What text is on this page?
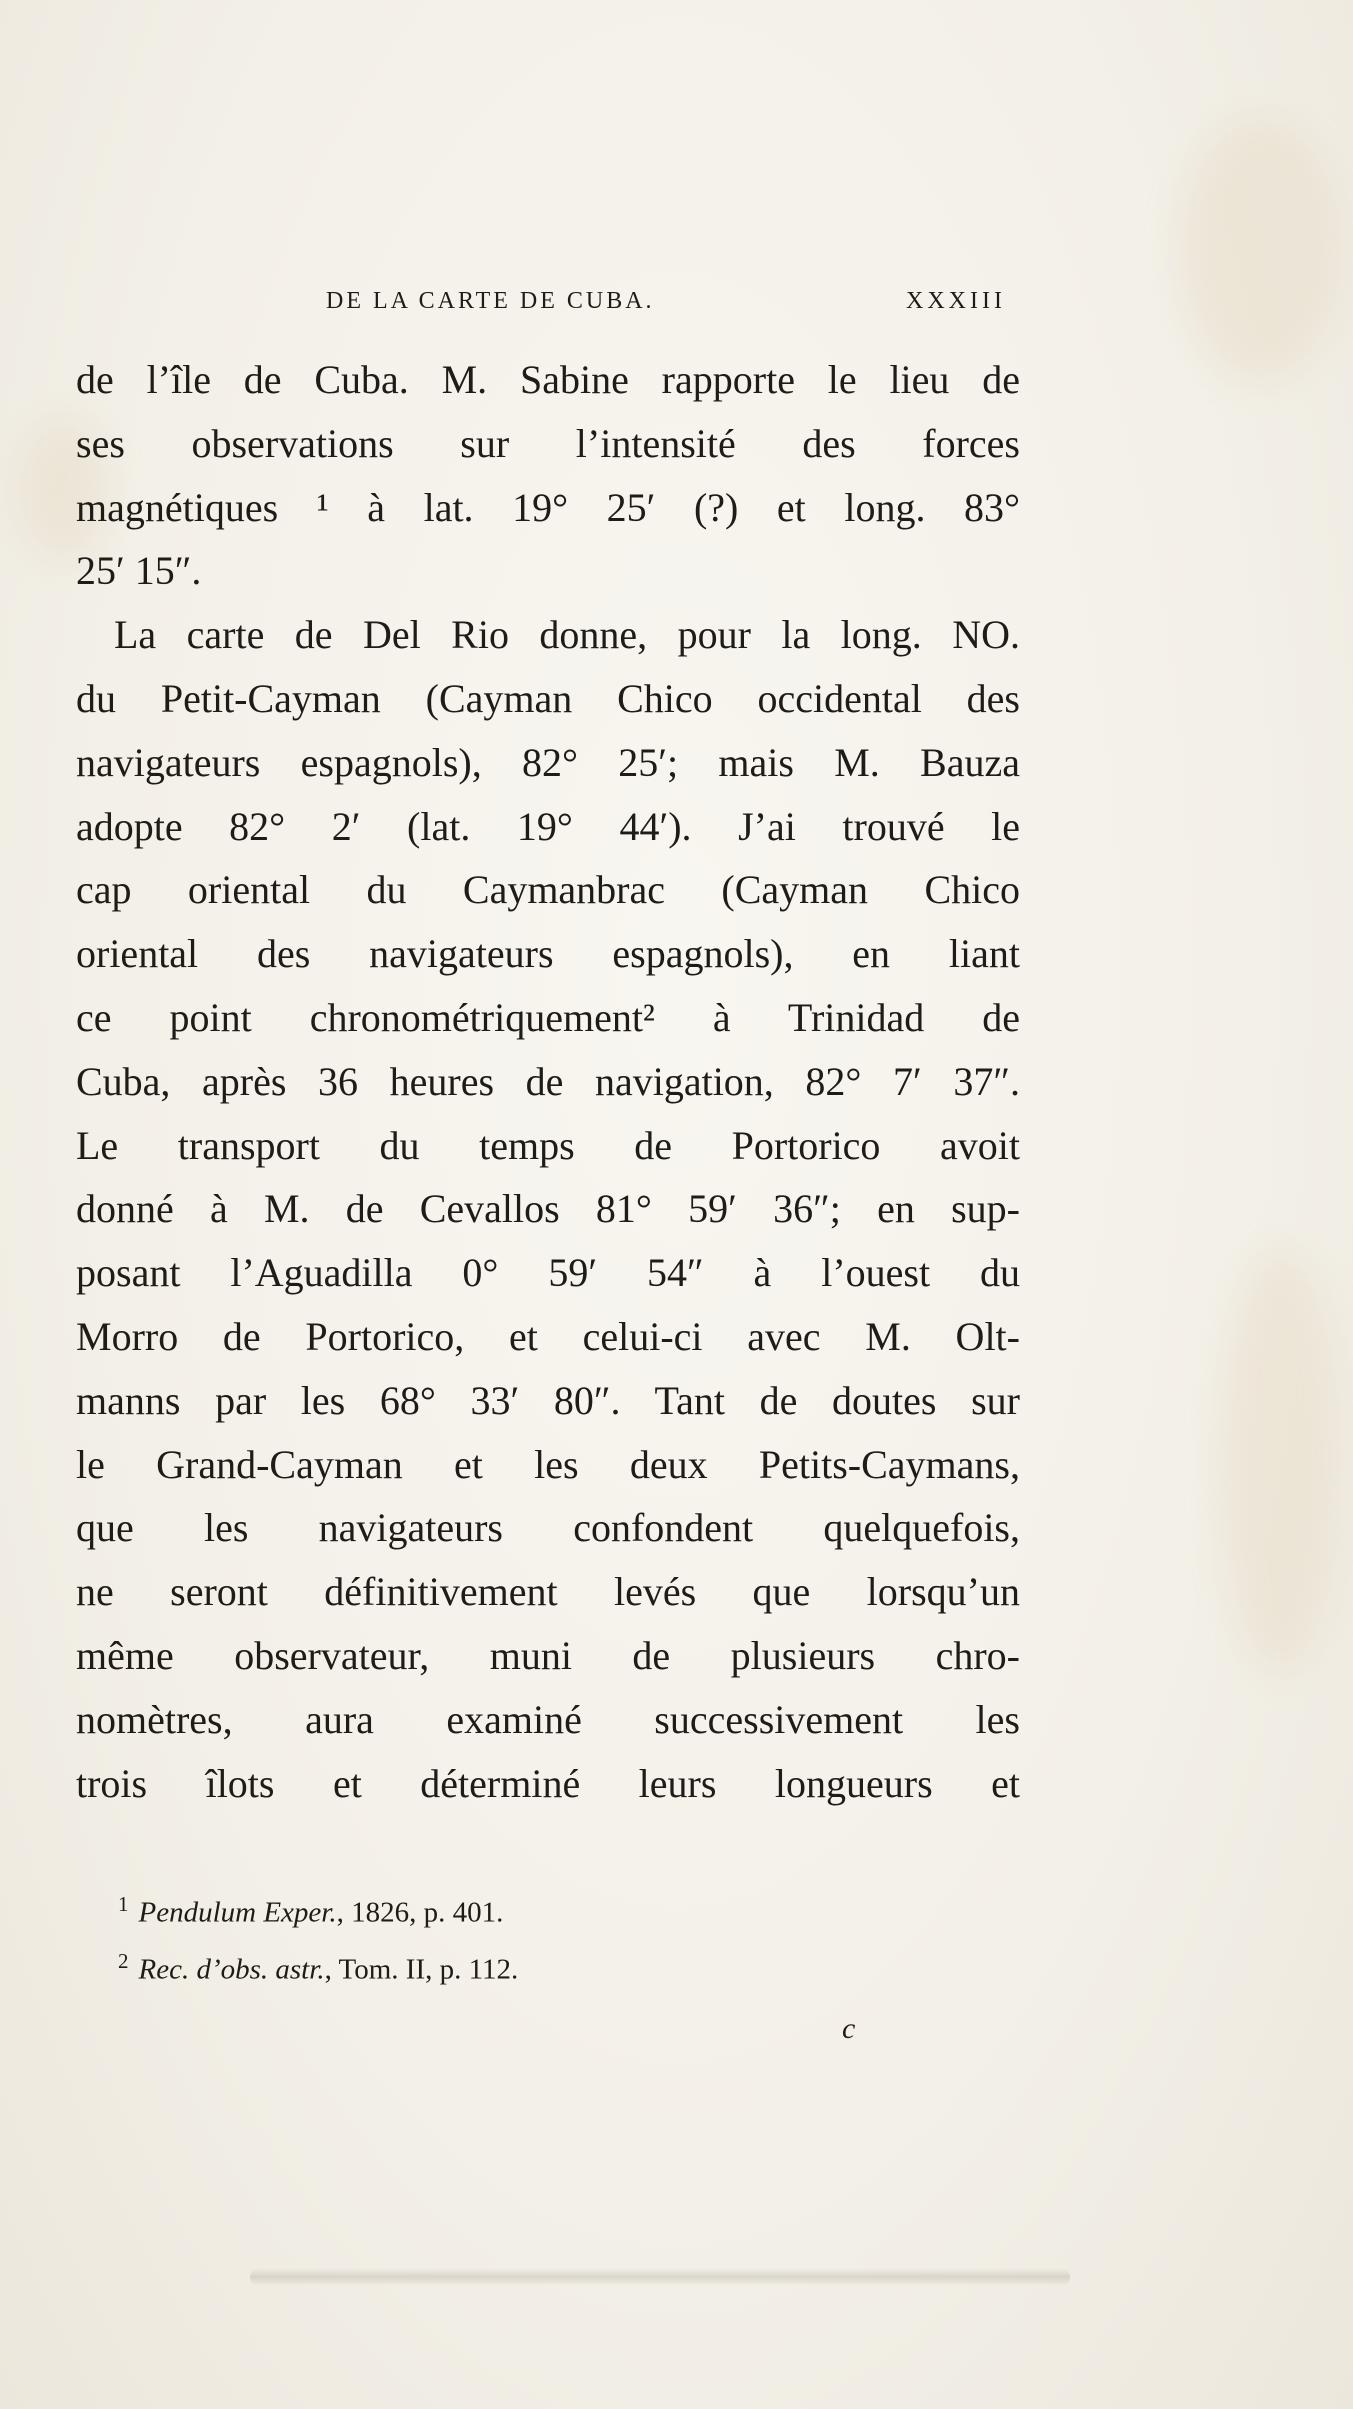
DE LA CARTE DE CUBA.	XXXIII
de l’île de Cuba. M. Sabine rapporte le lieu de
ses observations sur l’intensité des forces
magnétiques ¹ à lat. 19° 25′ (?) et long. 83°
25′ 15″.
La carte de Del Rio donne, pour la long. NO.
du Petit-Cayman (Cayman Chico occidental des
navigateurs espagnols), 82° 25′; mais M. Bauza
adopte 82° 2′ (lat. 19° 44′). J’ai trouvé le
cap oriental du Caymanbrac (Cayman Chico
oriental des navigateurs espagnols), en liant
ce point chronométriquement² à Trinidad de
Cuba, après 36 heures de navigation, 82° 7′ 37″.
Le transport du temps de Portorico avoit
donné à M. de Cevallos 81° 59′ 36″; en sup-
posant l’Aguadilla 0° 59′ 54″ à l’ouest du
Morro de Portorico, et celui-ci avec M. Olt-
manns par les 68° 33′ 80″. Tant de doutes sur
le Grand-Cayman et les deux Petits-Caymans,
que les navigateurs confondent quelquefois,
ne seront définitivement levés que lorsqu’un
même observateur, muni de plusieurs chro-
nomètres, aura examiné successivement les
trois îlots et déterminé leurs longueurs et
$^1$ Pendulum Exper., 1826, p. 401.
$^2$ Rec. d’obs. astr., Tom. II, p. 112.
c
